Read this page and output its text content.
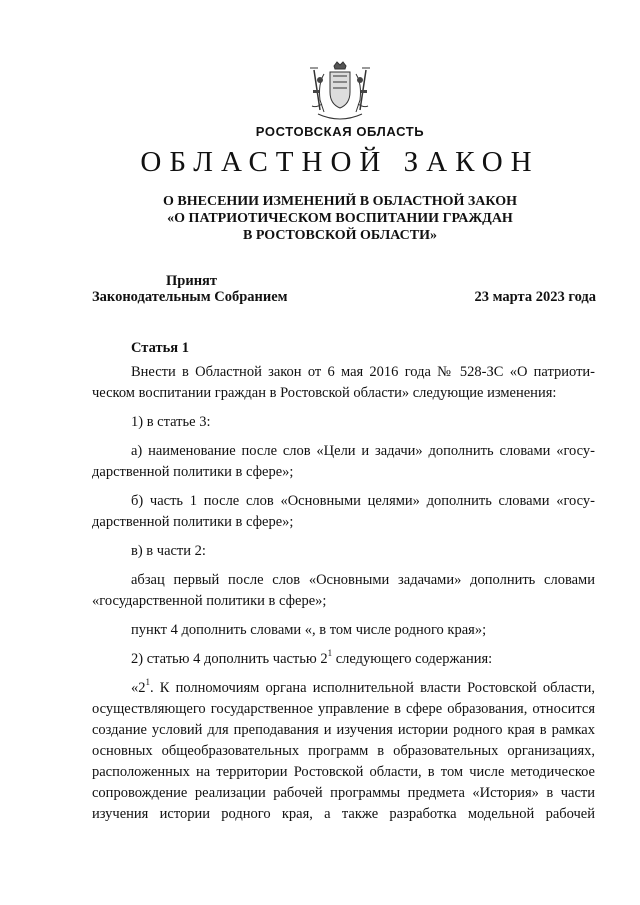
РОСТОВСКАЯ ОБЛАСТЬ
ОБЛАСТНОЙ ЗАКОН
О ВНЕСЕНИИ ИЗМЕНЕНИЙ В ОБЛАСТНОЙ ЗАКОН
«О ПАТРИОТИЧЕСКОМ ВОСПИТАНИИ ГРАЖДАН
В РОСТОВСКОЙ ОБЛАСТИ»
Принят
Законодательным Собранием	23 марта 2023 года
Статья 1
Внести в Областной закон от 6 мая 2016 года № 528-ЗС «О патриоти-
ческом воспитании граждан в Ростовской области» следующие изменения:
1) в статье 3:
а) наименование после слов «Цели и задачи» дополнить словами «госу-
дарственной политики в сфере»;
б) часть 1 после слов «Основными целями» дополнить словами «госу-
дарственной политики в сфере»;
в) в части 2:
абзац первый после слов «Основными задачами» дополнить словами
«государственной политики в сфере»;
пункт 4 дополнить словами «, в том числе родного края»;
2) статью 4 дополнить частью $2^1$ следующего содержания:
«$2^1$. К полномочиям органа исполнительной власти Ростовской области,
осуществляющего государственное управление в сфере образования, относится
создание условий для преподавания и изучения истории родного края в рамках
основных общеобразовательных программ в образовательных организациях,
расположенных на территории Ростовской области, в том числе методическое
сопровождение реализации рабочей программы предмета «История» в части
изучения истории родного края, а также разработка модельной рабочей
